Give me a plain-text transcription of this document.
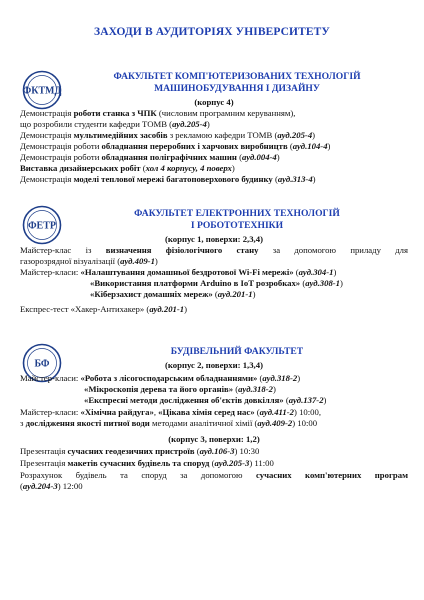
ЗАХОДИ В АУДИТОРІЯХ УНІВЕРСИТЕТУ
ФКТМД
ФАКУЛЬТЕТ КОМП'ЮТЕРИЗОВАНИХ ТЕХНОЛОГІЙ
МАШИНОБУДУВАННЯ І ДИЗАЙНУ
(корпус 4)
Демонстрація роботи станка з ЧПК (числовим програмним керуванням),
що розробили студенти кафедри ТОМВ (ауд.205-4)
Демонстрація мультимедійних засобів з рекламою кафедри ТОМВ (ауд.205-4)
Демонстрація роботи обладнання переробних і харчових виробництв (ауд.104-4)
Демонстрація роботи обладнання поліграфічних машин (ауд.004-4)
Виставка дизайнерських робіт (хол 4 корпусу, 4 поверх)
Демонстрація моделі теплової мережі багатоповерхового будинку (ауд.313-4)
ФЕТР
ФАКУЛЬТЕТ ЕЛЕКТРОННИХ ТЕХНОЛОГІЙ
І РОБОТОТЕХНІКИ
(корпус 1, поверхи: 2,3,4)
Майстер-клас із визначення фізіологічного стану за допомогою приладу для
газорозрядної візуалізації (ауд.409-1)
Майстер-класи: «Налаштування домашньої бездротової Wi-Fi мережі» (ауд.304-1)
«Використання платформи Arduino в IoT розробках» (ауд.308-1)
«Кіберзахист домашніх мереж» (ауд.201-1)
Експрес-тест «Хакер-Антихакер» (ауд.201-1)
БФ
БУДІВЕЛЬНИЙ ФАКУЛЬТЕТ
(корпус 2, поверхи: 1,3,4)
Майстер-класи: «Робота з лісогосподарським обладнаннями» (ауд.318-2)
«Мікроскопія дерева та його органів» (ауд.318-2)
«Експресні методи дослідження об'єктів довкілля» (ауд.137-2)
Майстер-класи: «Хімічна райдуга», «Цікава хімія серед нас» (ауд.411-2) 10:00,
з дослідження якості питної води методами аналітичної хімії (ауд.409-2) 10:00
(корпус 3, поверхи: 1,2)
Презентація сучасних геодезичних пристроїв (ауд.106-3) 10:30
Презентація макетів сучасних будівель та споруд (ауд.205-3) 11:00
Розрахунок будівель та споруд за допомогою сучасних комп'ютерних програм
(ауд.204-3) 12:00
